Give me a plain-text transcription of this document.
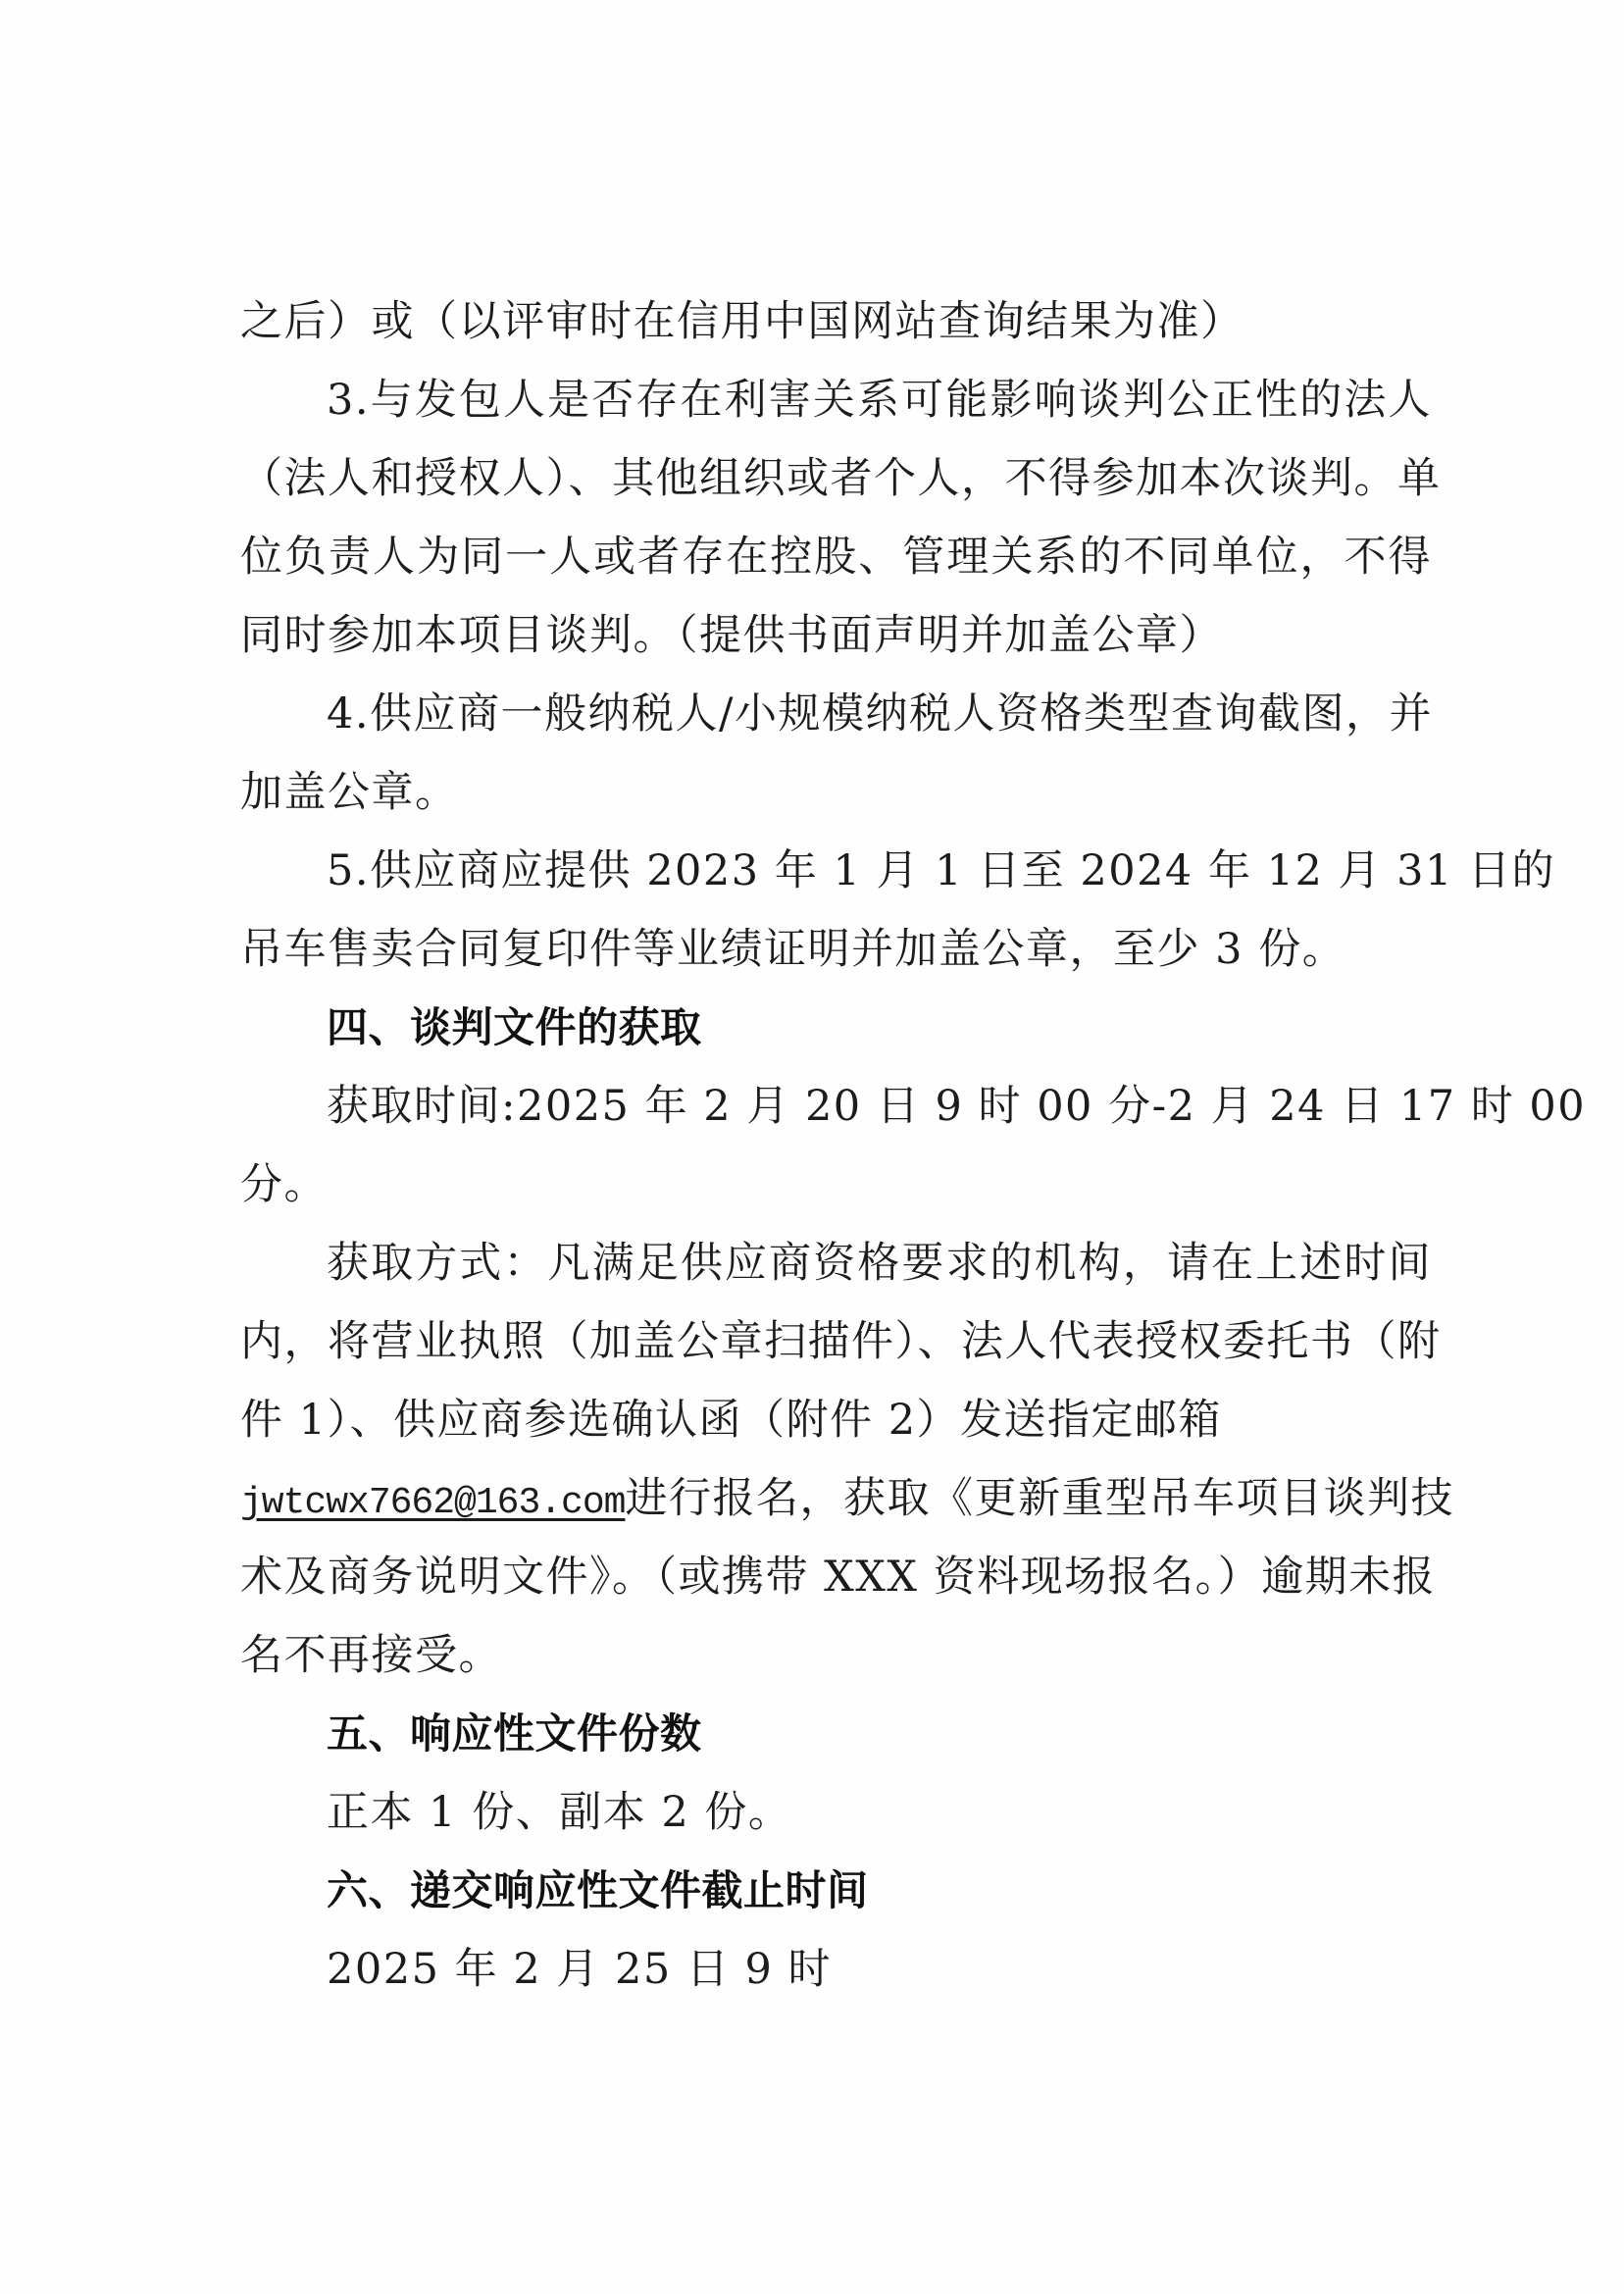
之后）或（以评审时在信用中国网站查询结果为准）
3.与发包人是否存在利害关系可能影响谈判公正性的法人
（法人和授权人）、其他组织或者个人，不得参加本次谈判。单
位负责人为同一人或者存在控股、管理关系的不同单位，不得
同时参加本项目谈判。（提供书面声明并加盖公章）
4.供应商一般纳税人/小规模纳税人资格类型查询截图，并
加盖公章。
5.供应商应提供 2023 年 1 月 1 日至 2024 年 12 月 31 日的
吊车售卖合同复印件等业绩证明并加盖公章，至少 3 份。
四、谈判文件的获取
获取时间:2025 年 2 月 20 日 9 时 00 分-2 月 24 日 17 时 00
分。
获取方式：凡满足供应商资格要求的机构，请在上述时间
内，将营业执照（加盖公章扫描件）、法人代表授权委托书（附
件 1）、供应商参选确认函（附件 2）发送指定邮箱
jwtcwx7662@163.com进行报名，获取《更新重型吊车项目谈判技
术及商务说明文件》。（或携带 XXX 资料现场报名。）逾期未报
名不再接受。
五、响应性文件份数
正本 1 份、副本 2 份。
六、递交响应性文件截止时间
2025 年 2 月 25 日 9 时
